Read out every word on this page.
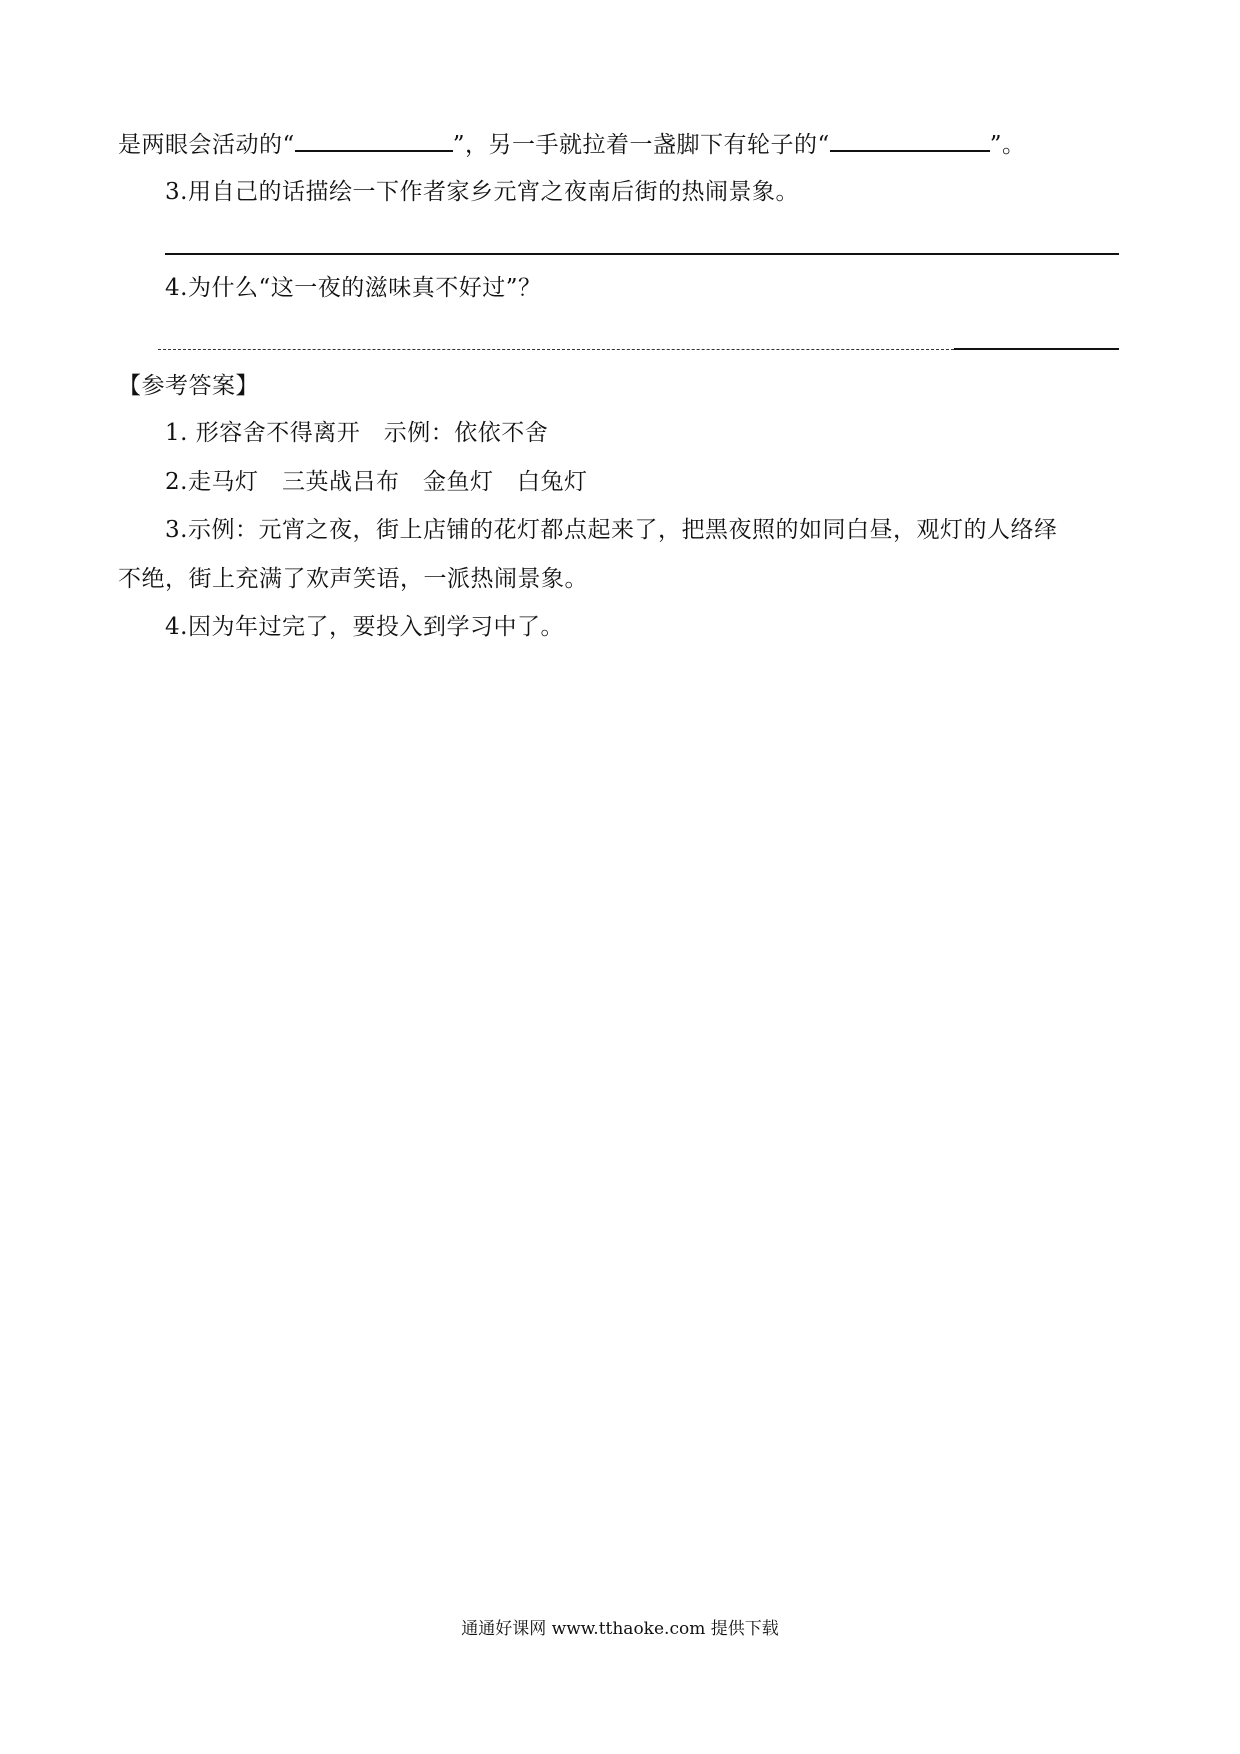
是两眼会活动的“	”，另一手就拉着一盏脚下有轮子的“	”。
3.用自己的话描绘一下作者家乡元宵之夜南后街的热闹景象。
4.为什么“这一夜的滋味真不好过”？
【参考答案】
1. 形容舍不得离开　示例：依依不舍
2.走马灯　三英战吕布　金鱼灯　白兔灯
3.示例：元宵之夜，街上店铺的花灯都点起来了，把黑夜照的如同白昼，观灯的人络绎
不绝，街上充满了欢声笑语，一派热闹景象。
4.因为年过完了，要投入到学习中了。
通通好课网 www.tthaoke.com 提供下载
